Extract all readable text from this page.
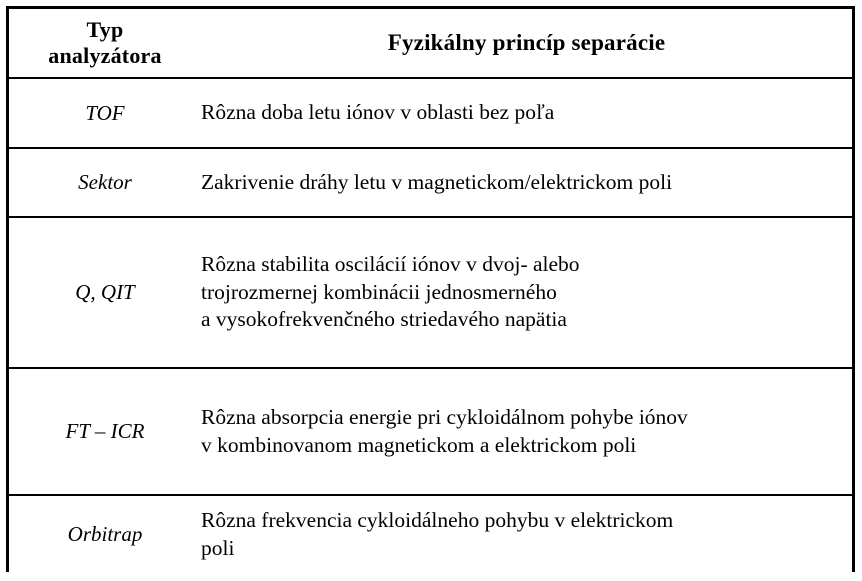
Typ
analyzátora	Fyzikálny princíp separácie
TOF	Rôzna doba letu iónov v oblasti bez poľa

Sektor	Zakrivenie dráhy letu v magnetickom/elektrickom poli

Q, QIT	Rôzna stabilita oscilácií iónov v dvoj- alebo
trojrozmernej kombinácii jednosmerného
a vysokofrekvenčného striedavého napätia

FT – ICR	Rôzna absorpcia energie pri cykloidálnom pohybe iónov
v kombinovanom magnetickom a elektrickom poli

Orbitrap	Rôzna frekvencia cykloidálneho pohybu v elektrickom
poli
